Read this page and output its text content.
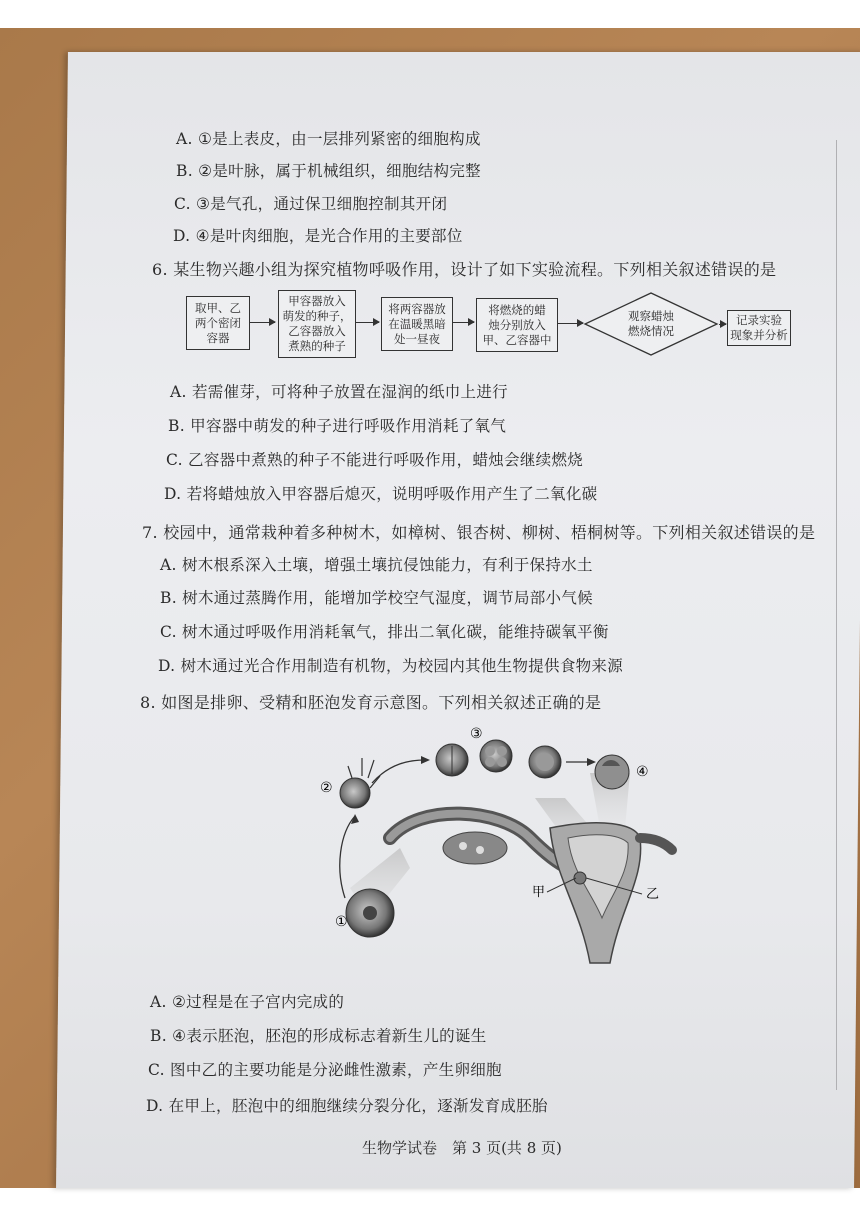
A. ①是上表皮，由一层排列紧密的细胞构成
B. ②是叶脉，属于机械组织，细胞结构完整
C. ③是气孔，通过保卫细胞控制其开闭
D. ④是叶肉细胞，是光合作用的主要部位
6. 某生物兴趣小组为探究植物呼吸作用，设计了如下实验流程。下列相关叙述错误的是
取甲、乙
两个密闭
容器
甲容器放入
萌发的种子，
乙容器放入
煮熟的种子
将两容器放
在温暖黑暗
处一昼夜
将燃烧的蜡
烛分别放入
甲、乙容器中
观察蜡烛
燃烧情况
记录实验
现象并分析
A. 若需催芽，可将种子放置在湿润的纸巾上进行
B. 甲容器中萌发的种子进行呼吸作用消耗了氧气
C. 乙容器中煮熟的种子不能进行呼吸作用，蜡烛会继续燃烧
D. 若将蜡烛放入甲容器后熄灭，说明呼吸作用产生了二氧化碳
7. 校园中，通常栽种着多种树木，如樟树、银杏树、柳树、梧桐树等。下列相关叙述错误的是
A. 树木根系深入土壤，增强土壤抗侵蚀能力，有利于保持水土
B. 树木通过蒸腾作用，能增加学校空气湿度，调节局部小气候
C. 树木通过呼吸作用消耗氧气，排出二氧化碳，能维持碳氧平衡
D. 树木通过光合作用制造有机物，为校园内其他生物提供食物来源
8. 如图是排卵、受精和胚泡发育示意图。下列相关叙述正确的是
②
③
④
①
甲	乙
A. ②过程是在子宫内完成的
B. ④表示胚泡，胚泡的形成标志着新生儿的诞生
C. 图中乙的主要功能是分泌雌性激素，产生卵细胞
D. 在甲上，胚泡中的细胞继续分裂分化，逐渐发育成胚胎
生物学试卷　第 3 页(共 8 页)
